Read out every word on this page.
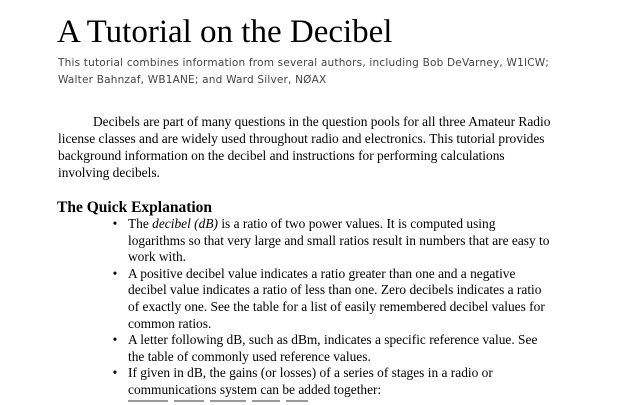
A Tutorial on the Decibel
This tutorial combines information from several authors, including Bob DeVarney, W1ICW;
Walter Bahnzaf, WB1ANE; and Ward Silver, NØAX
Decibels are part of many questions in the question pools for all three Amateur Radio
license classes and are widely used throughout radio and electronics. This tutorial provides
background information on the decibel and instructions for performing calculations
involving decibels.
The Quick Explanation
• The decibel (dB) is a ratio of two power values. It is computed using
logarithms so that very large and small ratios result in numbers that are easy to
work with.
• A positive decibel value indicates a ratio greater than one and a negative
decibel value indicates a ratio of less than one. Zero decibels indicates a ratio
of exactly one. See the table for a list of easily remembered decibel values for
common ratios.
• A letter following dB, such as dBm, indicates a specific reference value. See
the table of commonly used reference values.
• If given in dB, the gains (or losses) of a series of stages in a radio or
communications system can be added together:
